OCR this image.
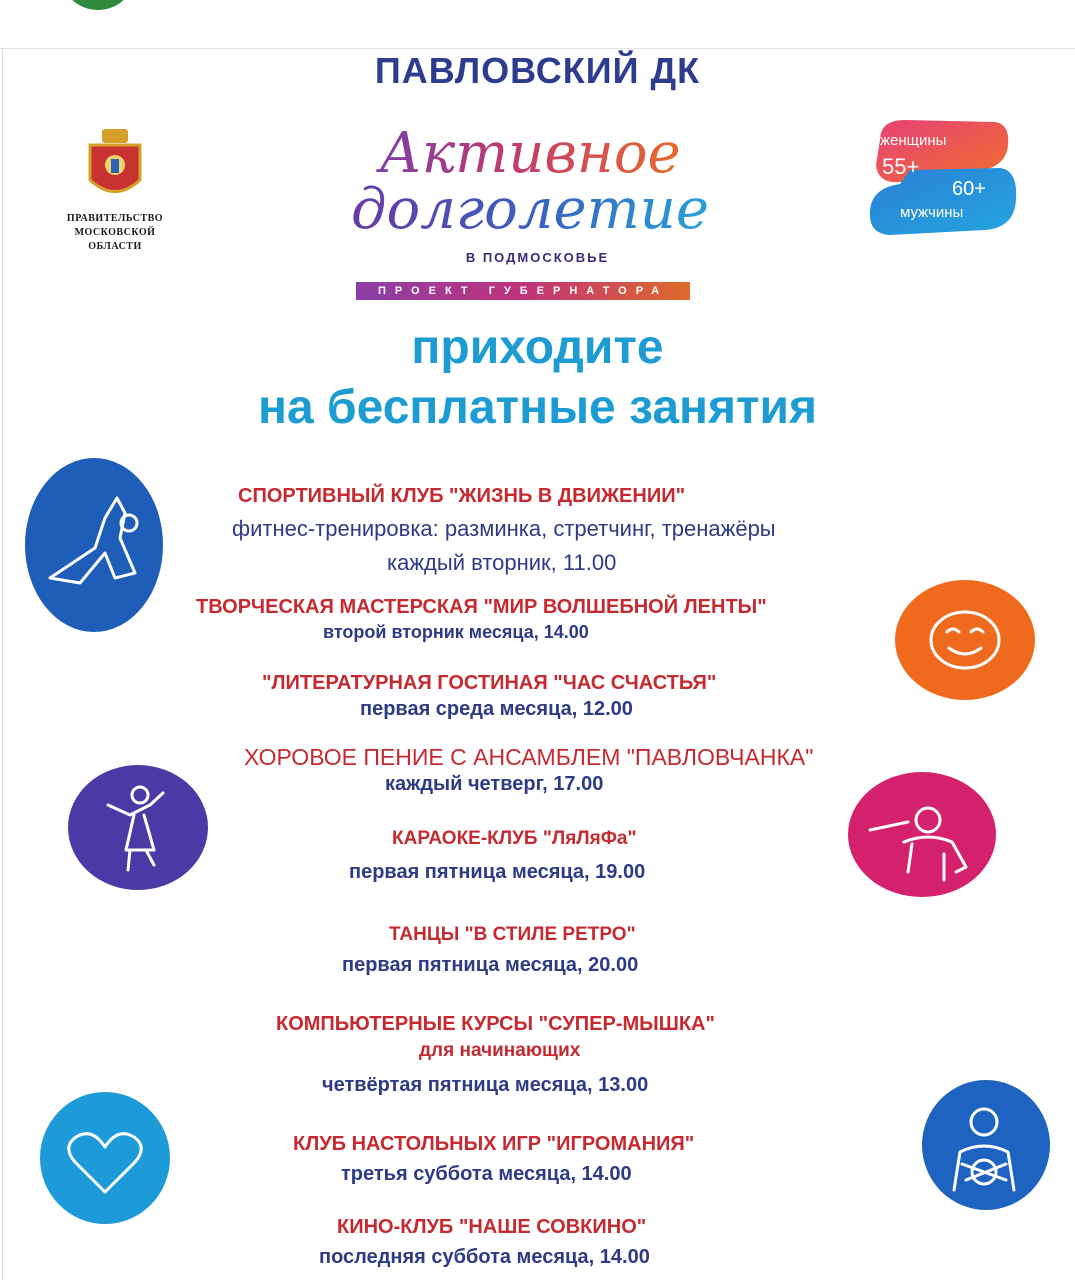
ПАВЛОВСКИЙ ДК
ПРАВИТЕЛЬСТВО
МОСКОВСКОЙ
ОБЛАСТИ
Активное
долголетие
В ПОДМОСКОВЬЕ
ПРОЕКТ ГУБЕРНАТОРА
женщины
55+
60+
мужчины
приходите
на бесплатные занятия
СПОРТИВНЫЙ КЛУБ "ЖИЗНЬ В ДВИЖЕНИИ"
фитнес-тренировка: разминка, стретчинг, тренажёры
каждый вторник, 11.00
ТВОРЧЕСКАЯ МАСТЕРСКАЯ "МИР ВОЛШЕБНОЙ ЛЕНТЫ"
второй вторник месяца, 14.00
"ЛИТЕРАТУРНАЯ ГОСТИНАЯ "ЧАС СЧАСТЬЯ"
первая среда месяца, 12.00
ХОРОВОЕ ПЕНИЕ С АНСАМБЛЕМ "ПАВЛОВЧАНКА"
каждый четверг, 17.00
КАРАОКЕ-КЛУБ "ЛяЛяФа"
первая пятница месяца, 19.00
ТАНЦЫ "В СТИЛЕ РЕТРО"
первая пятница месяца, 20.00
КОМПЬЮТЕРНЫЕ КУРСЫ "СУПЕР-МЫШКА"
для начинающих
четвёртая пятница месяца, 13.00
КЛУБ НАСТОЛЬНЫХ ИГР "ИГРОМАНИЯ"
третья суббота месяца, 14.00
КИНО-КЛУБ "НАШЕ СОВКИНО"
последняя суббота месяца, 14.00
